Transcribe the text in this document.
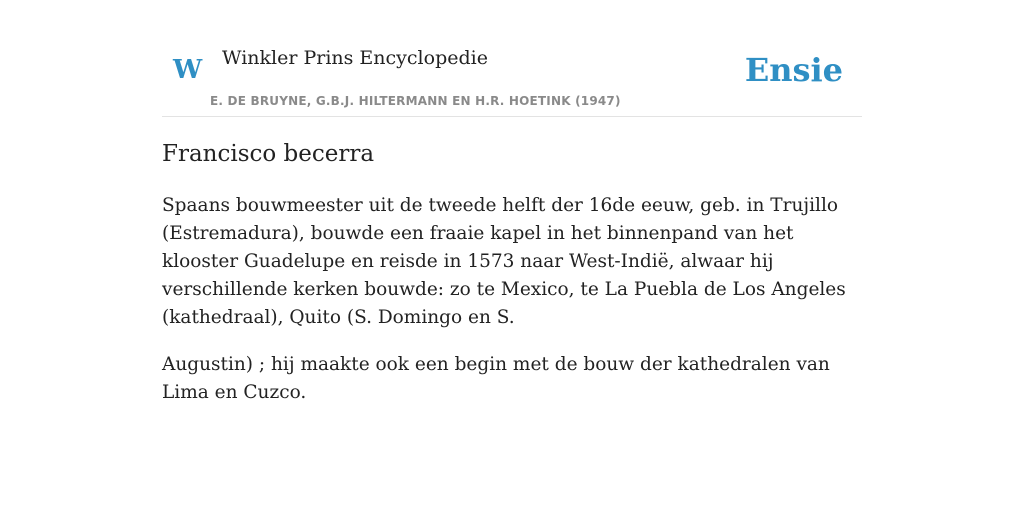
W Winkler Prins Encyclopedie
E. DE BRUYNE, G.B.J. HILTERMANN EN H.R. HOETINK (1947)
Ensie
Francisco becerra

Spaans bouwmeester uit de tweede helft der 16de eeuw, geb. in Trujillo (Estremadura), bouwde een fraaie kapel in het binnenpand van het klooster Guadelupe en reisde in 1573 naar West-Indië, alwaar hij verschillende kerken bouwde: zo te Mexico, te La Puebla de Los Angeles (kathedraal), Quito (S. Domingo en S.

Augustin) ; hij maakte ook een begin met de bouw der kathedralen van Lima en Cuzco.
